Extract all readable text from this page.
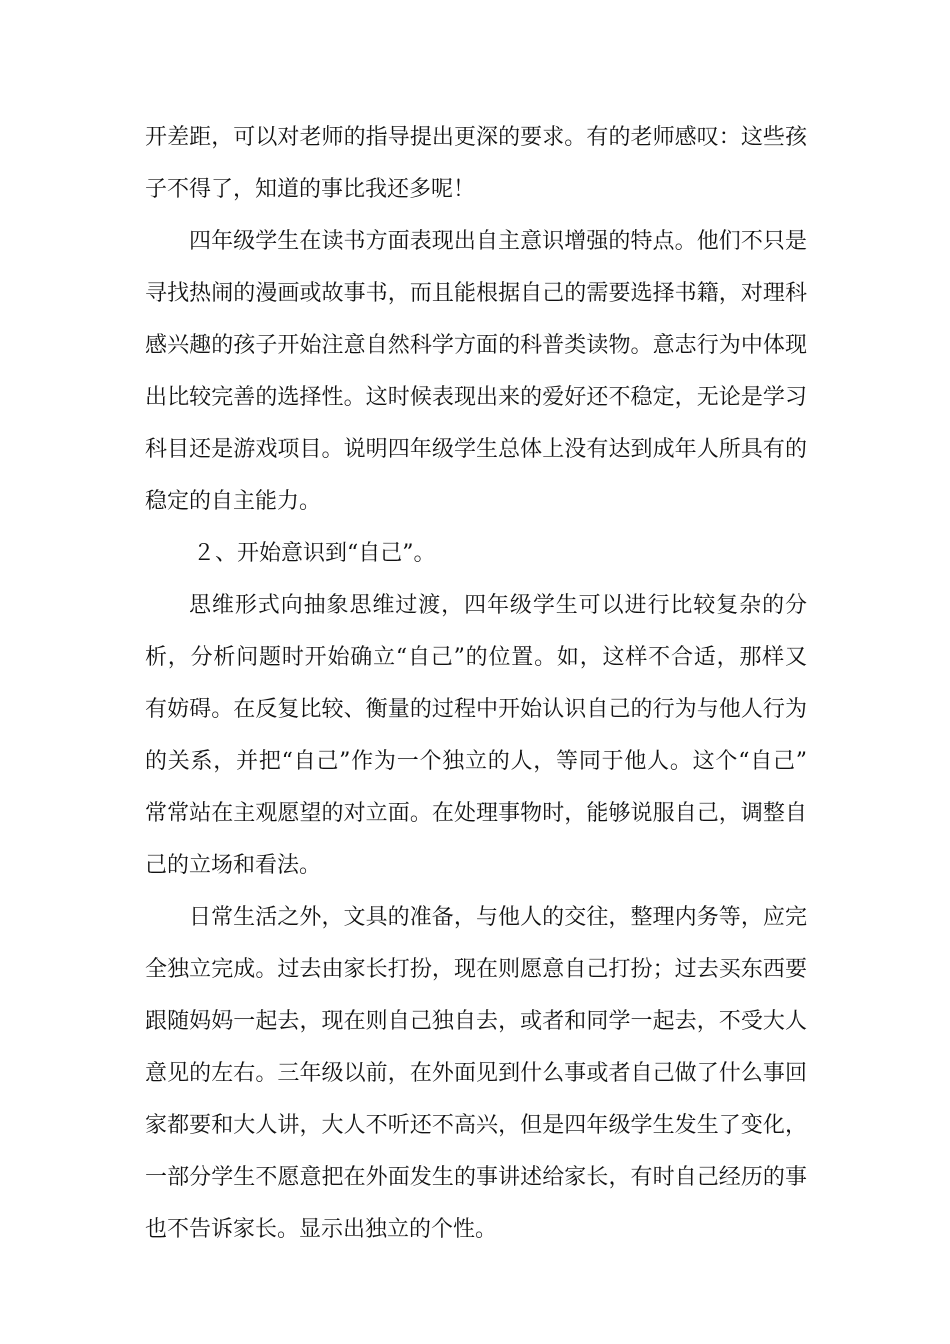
开差距，可以对老师的指导提出更深的要求。有的老师感叹：这些孩
子不得了，知道的事比我还多呢！
四年级学生在读书方面表现出自主意识增强的特点。他们不只是
寻找热闹的漫画或故事书，而且能根据自己的需要选择书籍，对理科
感兴趣的孩子开始注意自然科学方面的科普类读物。意志行为中体现
出比较完善的选择性。这时候表现出来的爱好还不稳定，无论是学习
科目还是游戏项目。说明四年级学生总体上没有达到成年人所具有的
稳定的自主能力。
２、开始意识到“自己”。
思维形式向抽象思维过渡，四年级学生可以进行比较复杂的分
析，分析问题时开始确立“自己”的位置。如，这样不合适，那样又
有妨碍。在反复比较、衡量的过程中开始认识自己的行为与他人行为
的关系，并把“自己”作为一个独立的人，等同于他人。这个“自己”
常常站在主观愿望的对立面。在处理事物时，能够说服自己，调整自
己的立场和看法。
日常生活之外，文具的准备，与他人的交往，整理内务等，应完
全独立完成。过去由家长打扮，现在则愿意自己打扮；过去买东西要
跟随妈妈一起去，现在则自己独自去，或者和同学一起去，不受大人
意见的左右。三年级以前，在外面见到什么事或者自己做了什么事回
家都要和大人讲，大人不听还不高兴，但是四年级学生发生了变化，
一部分学生不愿意把在外面发生的事讲述给家长，有时自己经历的事
也不告诉家长。显示出独立的个性。
